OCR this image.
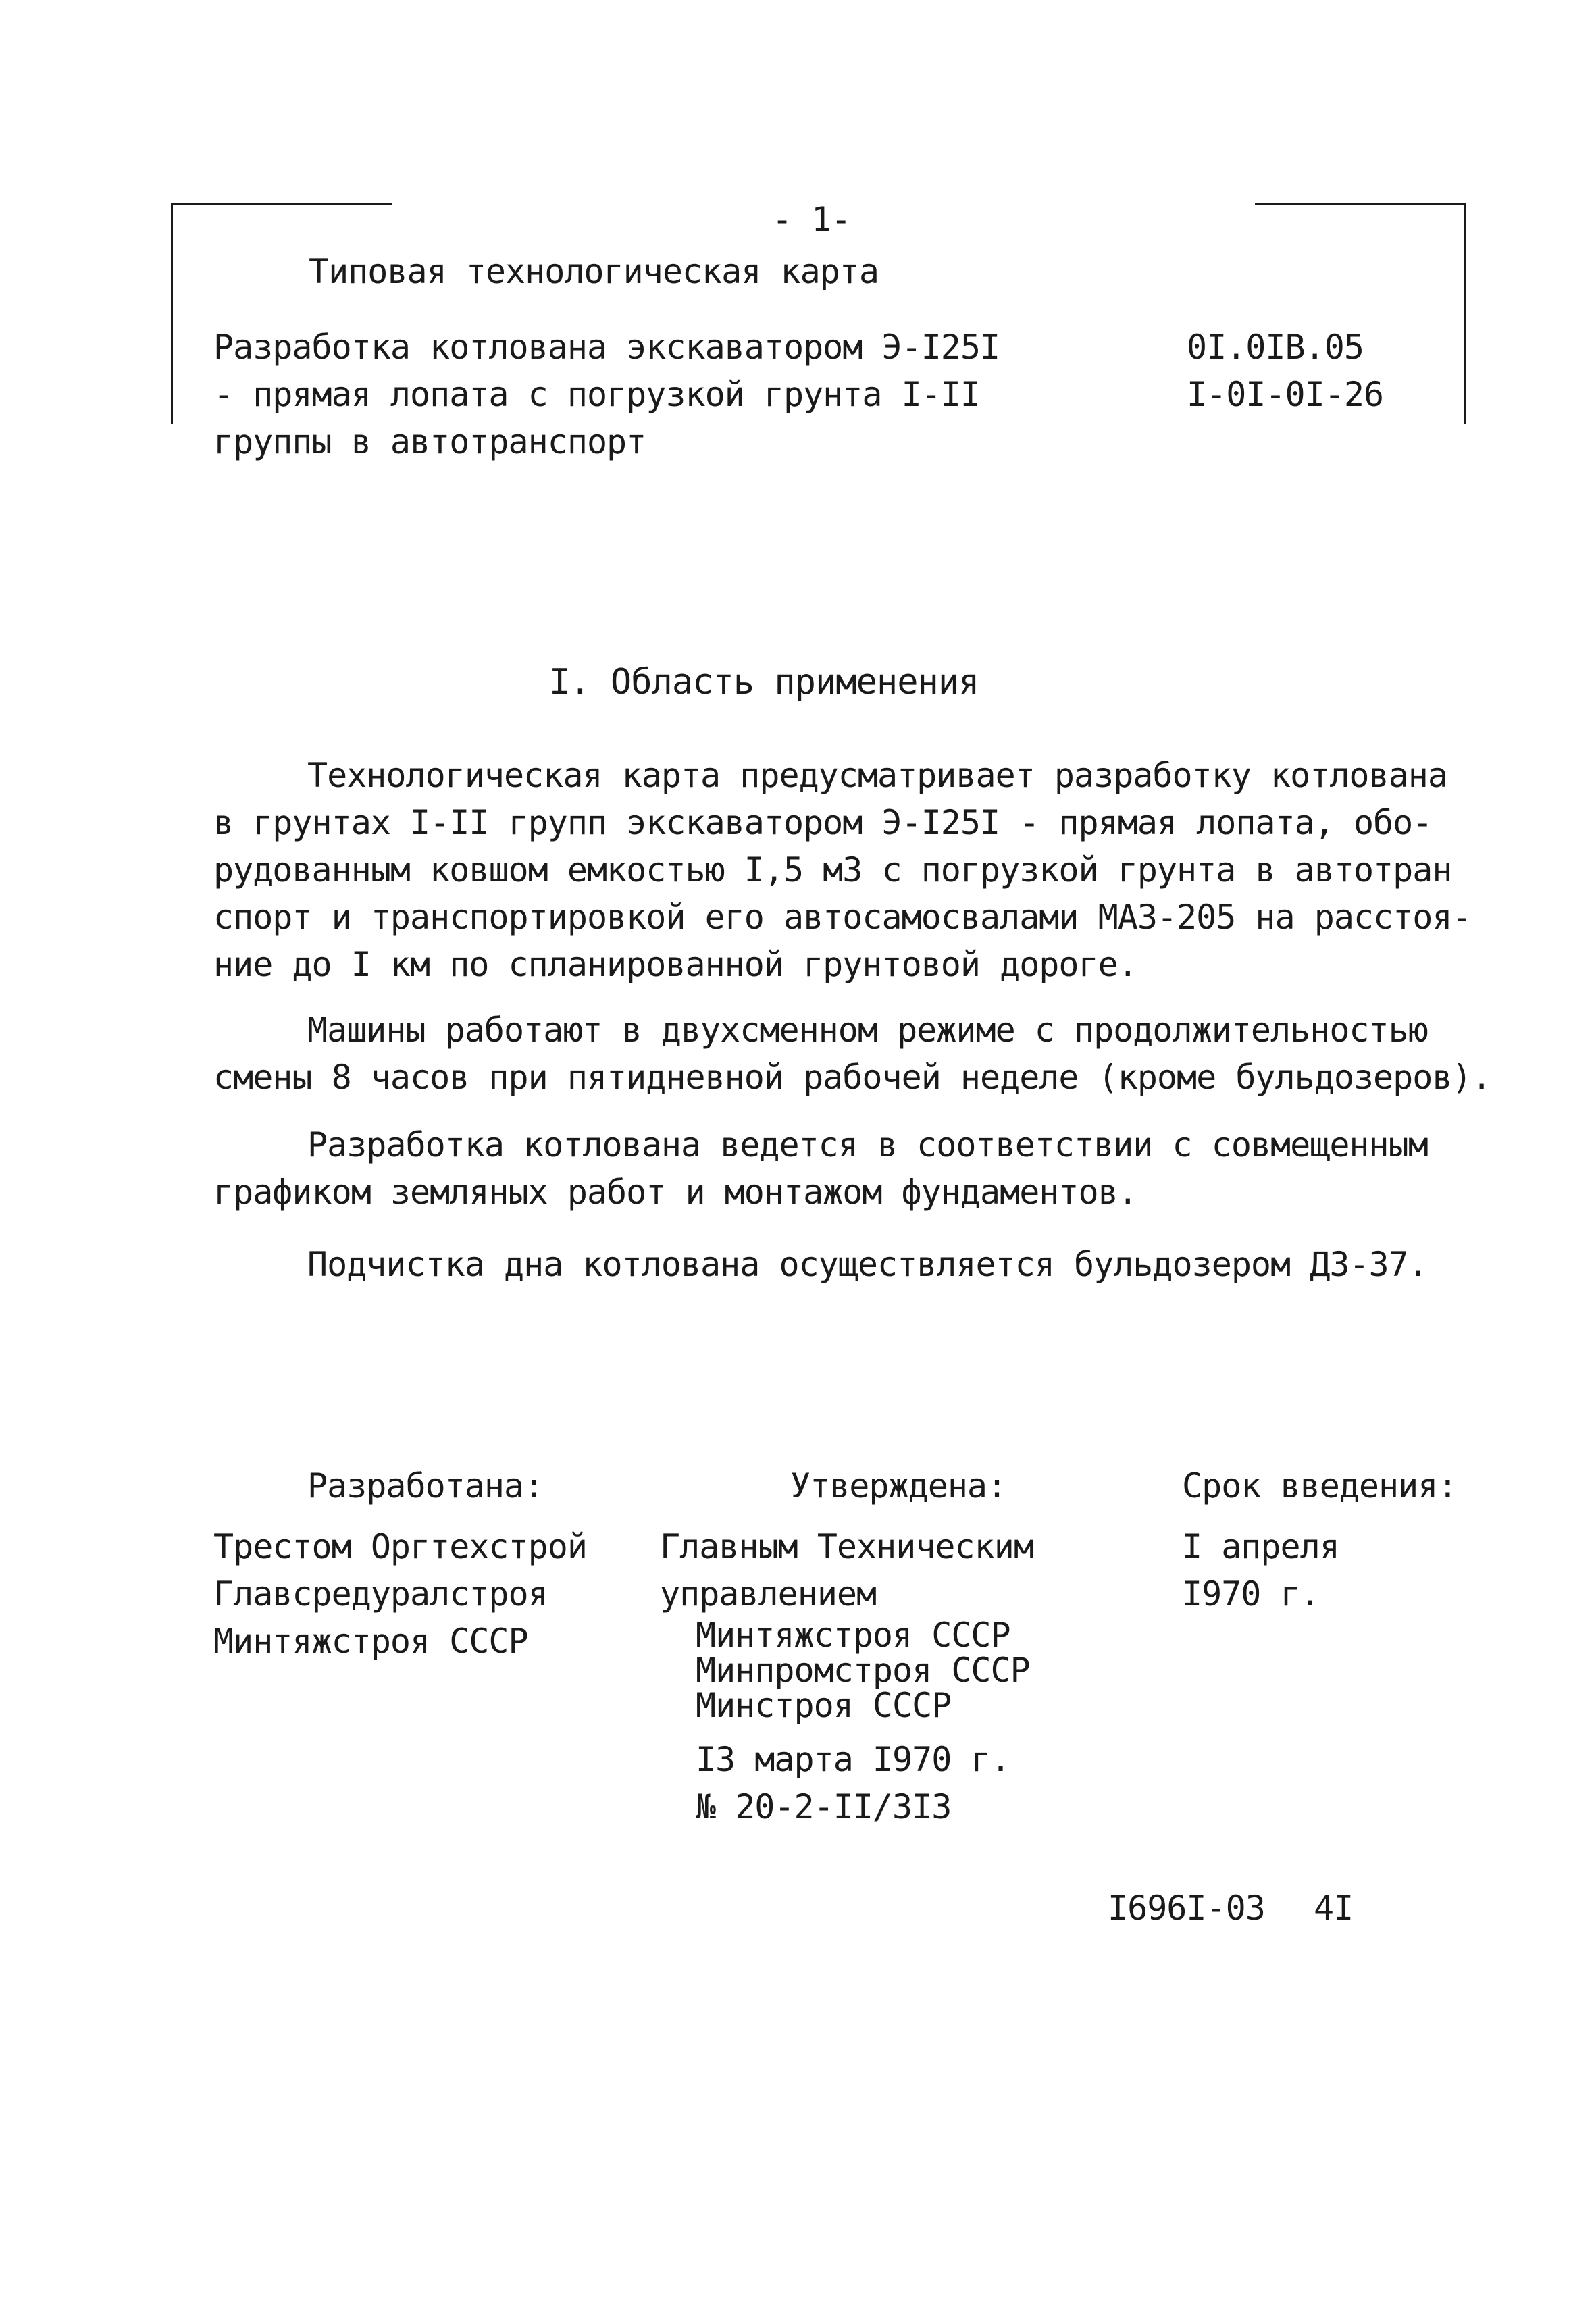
- 1-
Типовая технологическая карта
Разработка котлована экскаватором Э-I25I
- прямая лопата с погрузкой грунта I-II
группы в автотранспорт
0I.0IВ.05
I-0I-0I-26
I. Область применения
Технологическая карта предусматривает разработку котлована
в грунтах I-II групп экскаватором Э-I25I - прямая лопата, обо-
рудованным ковшом емкостью I,5 м3 с погрузкой грунта в автотран
спорт и транспортировкой его автосамосвалами МАЗ-205 на расстоя-
ние до I км по спланированной грунтовой дороге.
Машины работают в двухсменном режиме с продолжительностью
смены 8 часов при пятидневной рабочей неделе (кроме бульдозеров).
Разработка котлована ведется в соответствии с совмещенным
графиком земляных работ и монтажом фундаментов.
Подчистка дна котлована осуществляется бульдозером ДЗ-37.
Разработана:	Утверждена:	Срок введения:
Трестом Оргтехстрой
Главсредуралстроя
Минтяжстроя СССР
Главным Техническим
управлением
Минтяжстроя СССР
Минпромстроя СССР
Минстроя СССР
I3 марта I970 г.
№ 20-2-II/3I3
I апреля
I970 г.
I696I-03 4I
